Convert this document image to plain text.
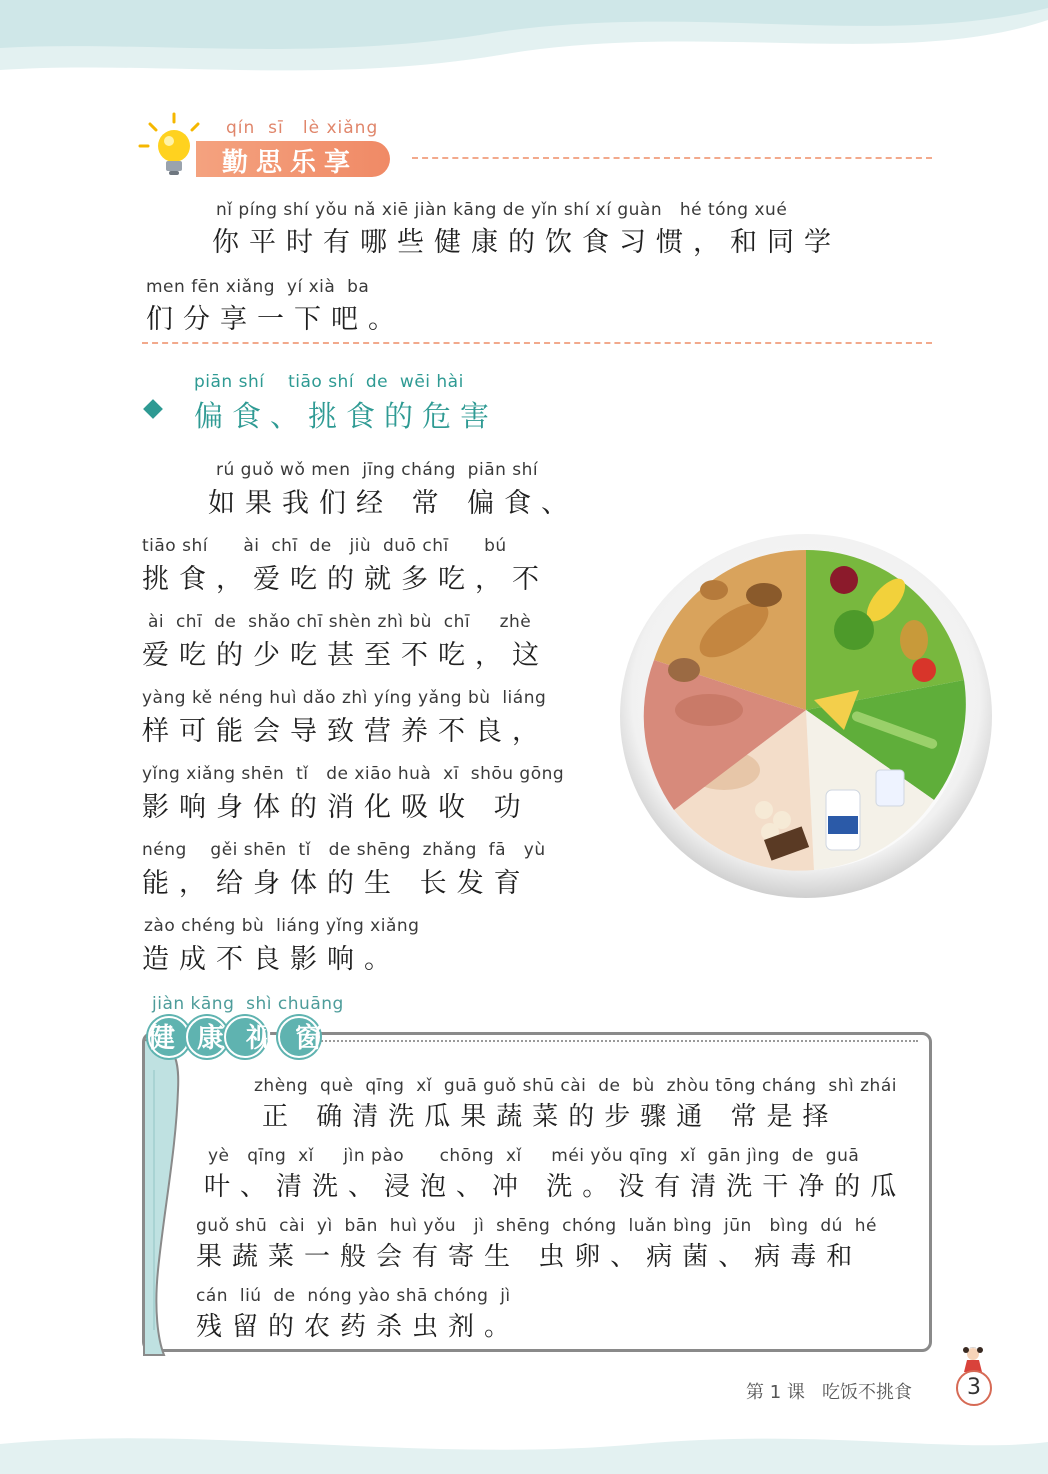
qín  sī   lè xiǎng
勤思乐享
nǐ píng shí yǒu nǎ xiē jiàn kāng de yǐn shí xí guàn   hé tóng xué
你平时有哪些健康的饮食习惯，和同学
men fēn xiǎng  yí xià  ba
们分享一下吧。
piān shí    tiāo shí  de  wēi hài
偏食、挑食的危害
rú guǒ wǒ men  jīng cháng  piān shí
如果我们经 常 偏食、
tiāo shí      ài  chī  de   jiù  duō chī      bú
挑食，爱吃的就多吃，不
ài  chī  de  shǎo chī shèn zhì bù  chī     zhè
爱吃的少吃甚至不吃，这
yàng kě néng huì dǎo zhì yíng yǎng bù  liáng
样可能会导致营养不良，
yǐng xiǎng shēn  tǐ   de xiāo huà  xī  shōu gōng
影响身体的消化吸收 功
néng    gěi shēn  tǐ   de shēng  zhǎng  fā   yù
能，给身体的生 长发育
zào chéng bù  liáng yǐng xiǎng
造成不良影响。
jiàn kāng  shì chuāng
健康视窗
zhèng  què  qīng  xǐ  guā guǒ shū cài  de  bù  zhòu tōng cháng  shì zhái
正 确清洗瓜果蔬菜的步骤通 常是择
yè   qīng  xǐ     jìn pào      chōng  xǐ     méi yǒu qīng  xǐ  gān jìng  de  guā
叶、清洗、浸泡、冲 洗。没有清洗干净的瓜
guǒ shū  cài  yì  bān  huì yǒu   jì  shēng  chóng  luǎn bìng  jūn   bìng  dú  hé
果蔬菜一般会有寄生 虫卵、病菌、病毒和
cán  liú  de  nóng yào shā chóng  jì
残留的农药杀虫剂。
第 1 课   吃饭不挑食	3
